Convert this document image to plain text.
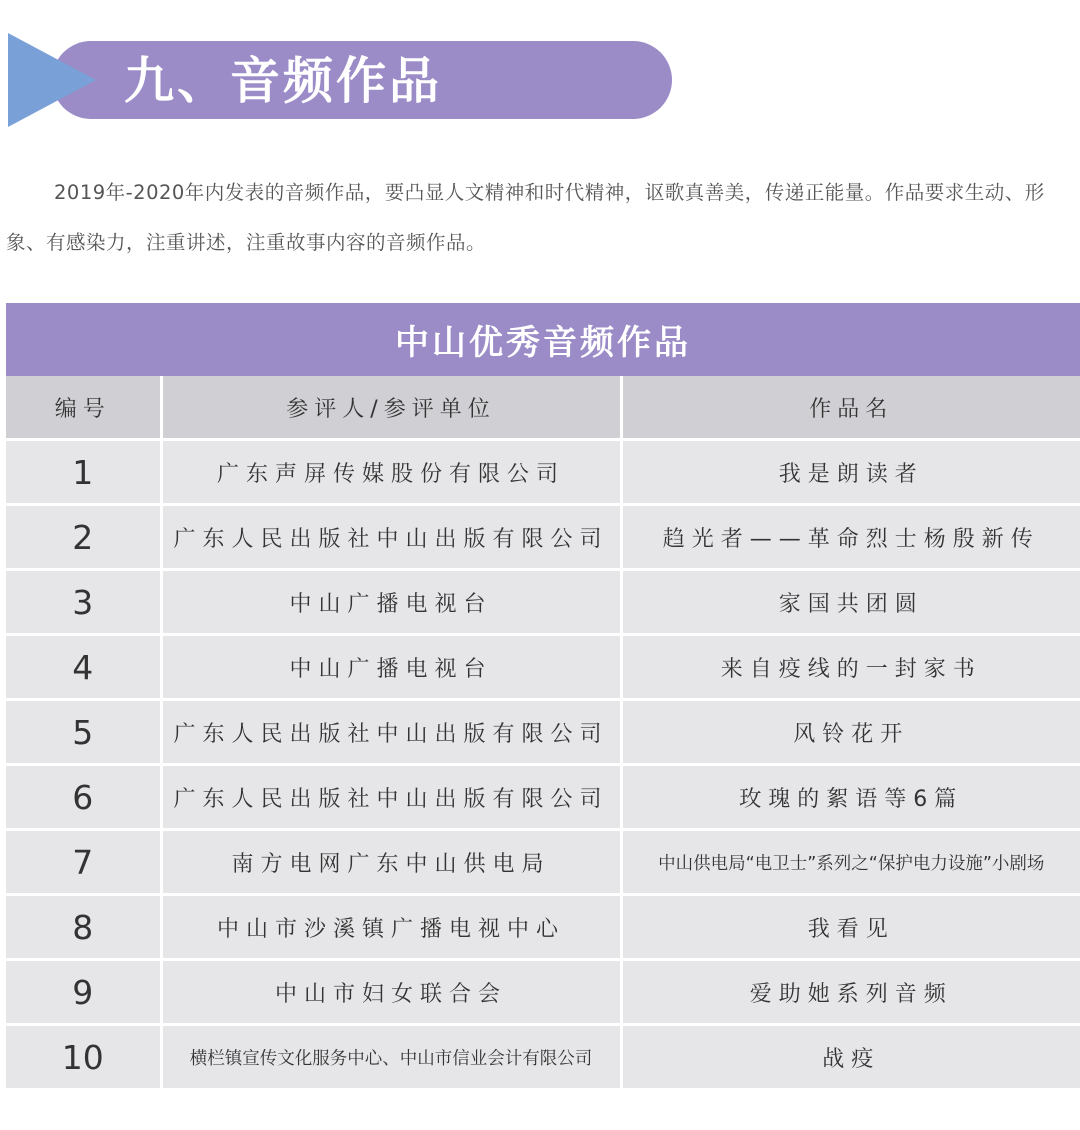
九、音频作品

2019年-2020年内发表的音频作品，要凸显人文精神和时代精神，讴歌真善美，传递正能量。作品要求生动、形象、有感染力，注重讲述，注重故事内容的音频作品。

中山优秀音频作品		
编号	参评人/参评单位	作品名
1	广东声屏传媒股份有限公司	我是朗读者
2	广东人民出版社中山出版有限公司	趋光者——革命烈士杨殷新传
3	中山广播电视台	家国共团圆
4	中山广播电视台	来自疫线的一封家书
5	广东人民出版社中山出版有限公司	风铃花开
6	广东人民出版社中山出版有限公司	玫瑰的絮语等6篇
7	南方电网广东中山供电局	中山供电局“电卫士”系列之“保护电力设施”小剧场
8	中山市沙溪镇广播电视中心	我看见
9	中山市妇女联合会	爱助她系列音频
10	横栏镇宣传文化服务中心、中山市信业会计有限公司	战疫
